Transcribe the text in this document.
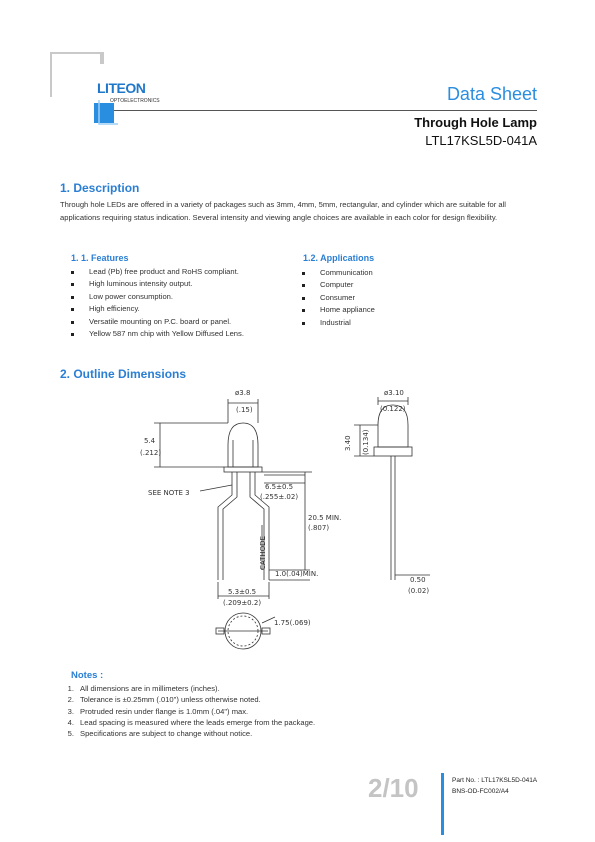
LITEON
OPTOELECTRONICS	Data Sheet
Through Hole Lamp
LTL17KSL5D-041A
1. Description
Through hole LEDs are offered in a variety of packages such as 3mm, 4mm, 5mm, rectangular, and cylinder which are suitable for all applications requiring status indication. Several intensity and viewing angle choices are available in each color for design flexibility.
1. 1. Features
Lead (Pb) free product and RoHS compliant.
High luminous intensity output.
Low power consumption.
High efficiency.
Versatile mounting on P.C. board or panel.
Yellow 587 nm chip with Yellow Diffused Lens.
1.2. Applications
Communication
Computer
Consumer
Home appliance
Industrial
2. Outline Dimensions
ø3.8
(.15)
5.4
(.212)
SEE NOTE 3
6.5±0.5
(.255±.02)
20.5 MIN.
(.807)
CATHODE
1.0(.04)MIN.
5.3±0.5
(.209±0.2)
1.75(.069)
ø3.10
(0.122)
3.40 (0.134)
0.50
(0.02)
Notes :
1. All dimensions are in millimeters (inches).
2. Tolerance is ±0.25mm (.010") unless otherwise noted.
3. Protruded resin under flange is 1.0mm (.04") max.
4. Lead spacing is measured where the leads emerge from the package.
5. Specifications are subject to change without notice.
2/10	Part No. : LTL17KSL5D-041A
BNS-OD-FC002/A4
